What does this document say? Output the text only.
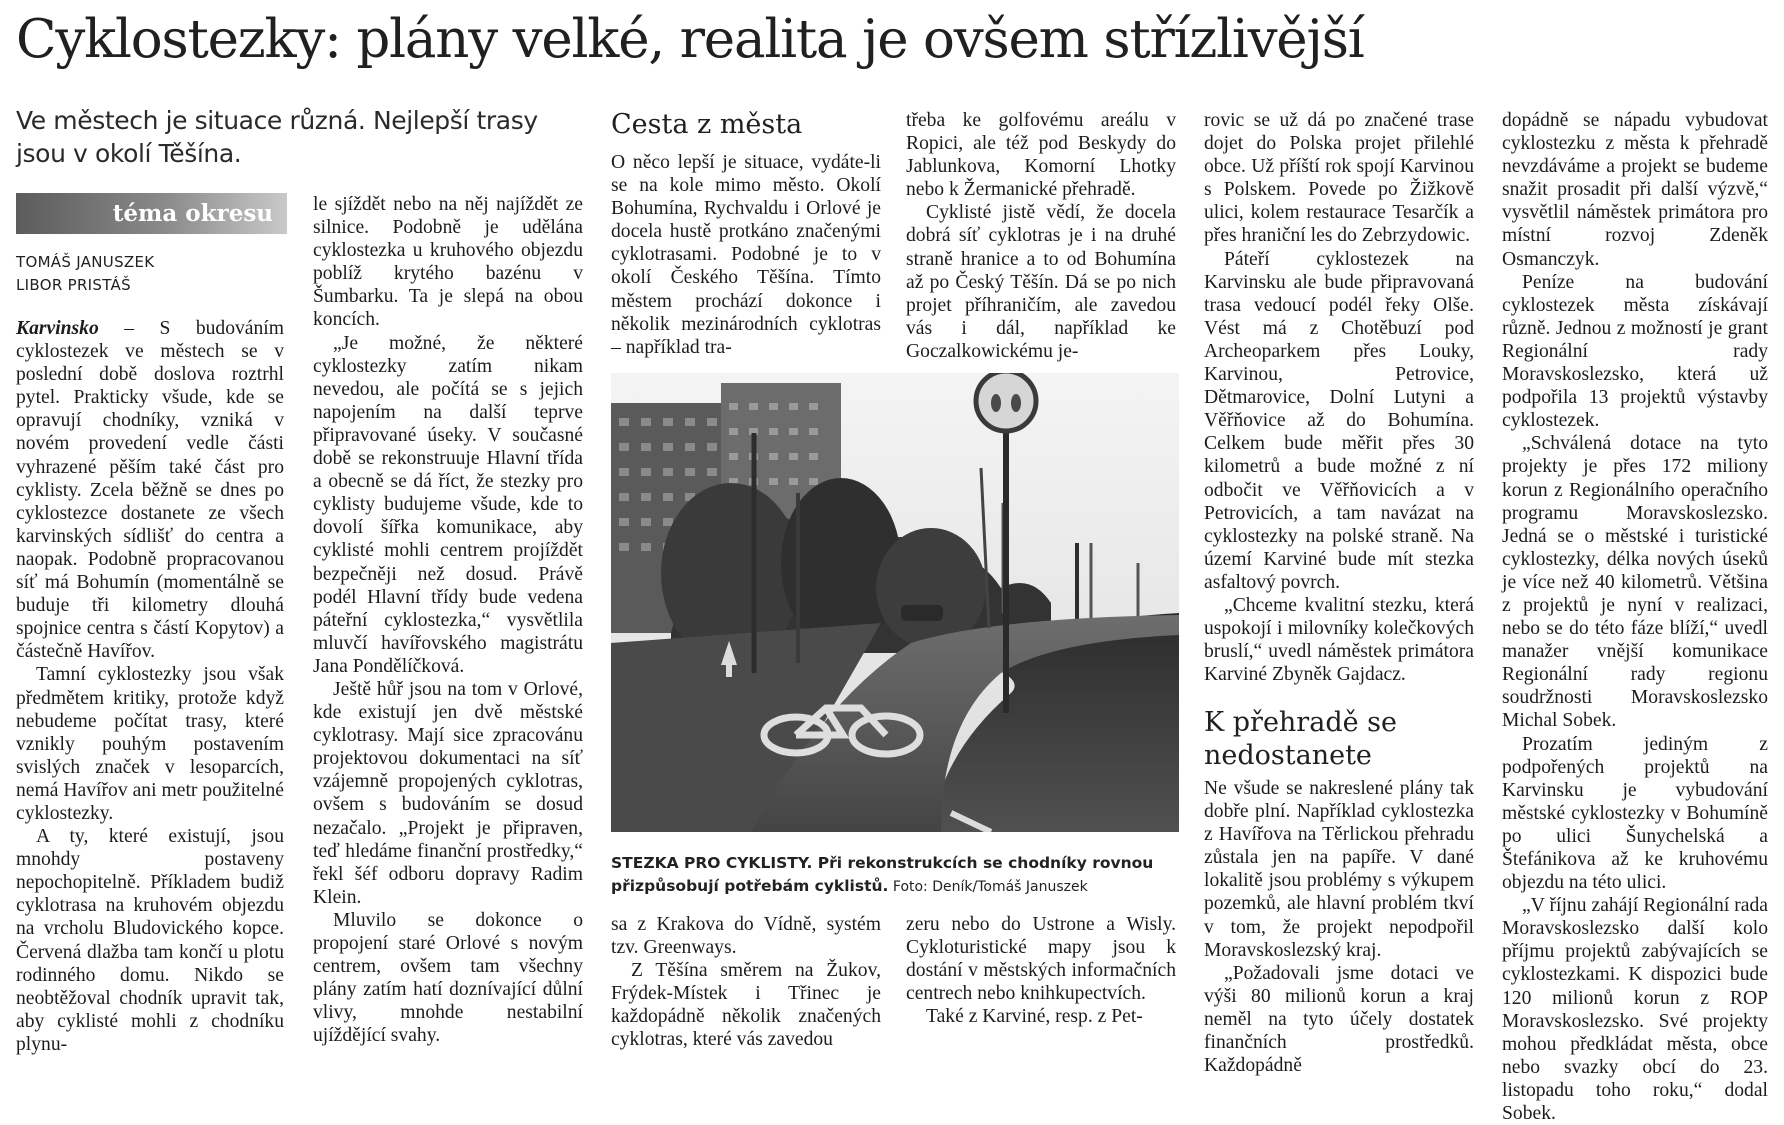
Cyklostezky: plány velké, realita je ovšem střízlivější
Ve městech je situace různá. Nejlepší trasy jsou v okolí Těšína.
téma okresu
TOMÁŠ JANUSZEK
LIBOR PRISTÁŠ

Karvinsko – S budováním cyklostezek ve městech se v poslední době doslova roztrhl pytel. Prakticky všude, kde se opravují chodníky, vzniká v novém provedení vedle části vyhrazené pěším také část pro cyklisty. Zcela běžně se dnes po cyklostezce dostanete ze všech karvinských sídlišť do centra a naopak. Podobně propracovanou síť má Bohumín (momentálně se buduje tři kilometry dlouhá spojnice centra s částí Kopytov) a částečně Havířov.

Tamní cyklostezky jsou však předmětem kritiky, protože když nebudeme počítat trasy, které vznikly pouhým postavením svislých značek v lesoparcích, nemá Havířov ani metr použitelné cyklostezky.

A ty, které existují, jsou mnohdy postaveny nepochopitelně. Příkladem budiž cyklotrasa na kruhovém objezdu na vrcholu Bludovického kopce. Červená dlažba tam končí u plotu rodinného domu. Nikdo se neobtěžoval chodník upravit tak, aby cyklisté mohli z chodníku plynu-

le sjíždět nebo na něj najíždět ze silnice. Podobně je udělána cyklostezka u kruhového objezdu poblíž krytého bazénu v Šumbarku. Ta je slepá na obou koncích.

„Je možné, že některé cyklostezky zatím nikam nevedou, ale počítá se s jejich napojením na další teprve připravované úseky. V současné době se rekonstruuje Hlavní třída a obecně se dá říct, že stezky pro cyklisty budujeme všude, kde to dovolí šířka komunikace, aby cyklisté mohli centrem projíždět bezpečněji než dosud. Právě podél Hlavní třídy bude vedena páteřní cyklostezka,“ vysvětlila mluvčí havířovského magistrátu Jana Pondělíčková.

Ještě hůř jsou na tom v Orlové, kde existují jen dvě městské cyklotrasy. Mají sice zpracovánu projektovou dokumentaci na síť vzájemně propojených cyklotras, ovšem s budováním se dosud nezačalo. „Projekt je připraven, teď hledáme finanční prostředky,“ řekl šéf odboru dopravy Radim Klein.

Mluvilo se dokonce o propojení staré Orlové s novým centrem, ovšem tam všechny plány zatím hatí doznívající důlní vlivy, mnohde nestabilní ujíždějící svahy.

Cesta z města

O něco lepší je situace, vydáte-li se na kole mimo město. Okolí Bohumína, Rychvaldu i Orlové je docela hustě protkáno značenými cyklotrasami. Podobné je to v okolí Českého Těšína. Tímto městem prochází dokonce i několik mezinárodních cyklotras – například tra-

třeba ke golfovému areálu v Ropici, ale též pod Beskydy do Jablunkova, Komorní Lhotky nebo k Žermanické přehradě.

Cyklisté jistě vědí, že docela dobrá síť cyklotras je i na druhé straně hranice a to od Bohumína až po Český Těšín. Dá se po nich projet příhraničím, ale zavedou vás i dál, například ke Goczalkowickému je-

STEZKA PRO CYKLISTY. Při rekonstrukcích se chodníky rovnou přizpůsobují potřebám cyklistů. Foto: Deník/Tomáš Januszek

sa z Krakova do Vídně, systém tzv. Greenways.

Z Těšína směrem na Žukov, Frýdek-Místek i Třinec je každopádně několik značených cyklotras, které vás zavedou

zeru nebo do Ustrone a Wisly. Cykloturistické mapy jsou k dostání v městských informačních centrech nebo knihkupectvích.

Také z Karviné, resp. z Pet-

rovic se už dá po značené trase dojet do Polska projet přilehlé obce. Už příští rok spojí Karvinou s Polskem. Povede po Žižkově ulici, kolem restaurace Tesarčík a přes hraniční les do Zebrzydowic.

Páteří cyklostezek na Karvinsku ale bude připravovaná trasa vedoucí podél řeky Olše. Vést má z Chotěbuzí pod Archeoparkem přes Louky, Karvinou, Petrovice, Dětmarovice, Dolní Lutyni a Věřňovice až do Bohumína. Celkem bude měřit přes 30 kilometrů a bude možné z ní odbočit ve Věřňovicích a v Petrovicích, a tam navázat na cyklostezky na polské straně. Na území Karviné bude mít stezka asfaltový povrch.

„Chceme kvalitní stezku, která uspokojí i milovníky kolečkových bruslí,“ uvedl náměstek primátora Karviné Zbyněk Gajdacz.

K přehradě se nedostanete

Ne všude se nakreslené plány tak dobře plní. Například cyklostezka z Havířova na Těrlickou přehradu zůstala jen na papíře. V dané lokalitě jsou problémy s výkupem pozemků, ale hlavní problém tkví v tom, že projekt nepodpořil Moravskoslezský kraj.

„Požadovali jsme dotaci ve výši 80 milionů korun a kraj neměl na tyto účely dostatek finančních prostředků. Každopádně

dopádně se nápadu vybudovat cyklostezku z města k přehradě nevzdáváme a projekt se budeme snažit prosadit při další výzvě,“ vysvětlil náměstek primátora pro místní rozvoj Zdeněk Osmanczyk.

Peníze na budování cyklostezek města získávají různě. Jednou z možností je grant Regionální rady Moravskoslezsko, která už podpořila 13 projektů výstavby cyklostezek.

„Schválená dotace na tyto projekty je přes 172 miliony korun z Regionálního operačního programu Moravskoslezsko. Jedná se o městské i turistické cyklostezky, délka nových úseků je více než 40 kilometrů. Většina z projektů je nyní v realizaci, nebo se do této fáze blíží,“ uvedl manažer vnější komunikace Regionální rady regionu soudržnosti Moravskoslezsko Michal Sobek.

Prozatím jediným z podpořených projektů na Karvinsku je vybudování městské cyklostezky v Bohumíně po ulici Šunychelská a Štefánikova až ke kruhovému objezdu na této ulici.

„V říjnu zahájí Regionální rada Moravskoslezsko další kolo příjmu projektů zabývajících se cyklostezkami. K dispozici bude 120 milionů korun z ROP Moravskoslezsko. Své projekty mohou předkládat města, obce nebo svazky obcí do 23. listopadu toho roku,“ dodal Sobek.
